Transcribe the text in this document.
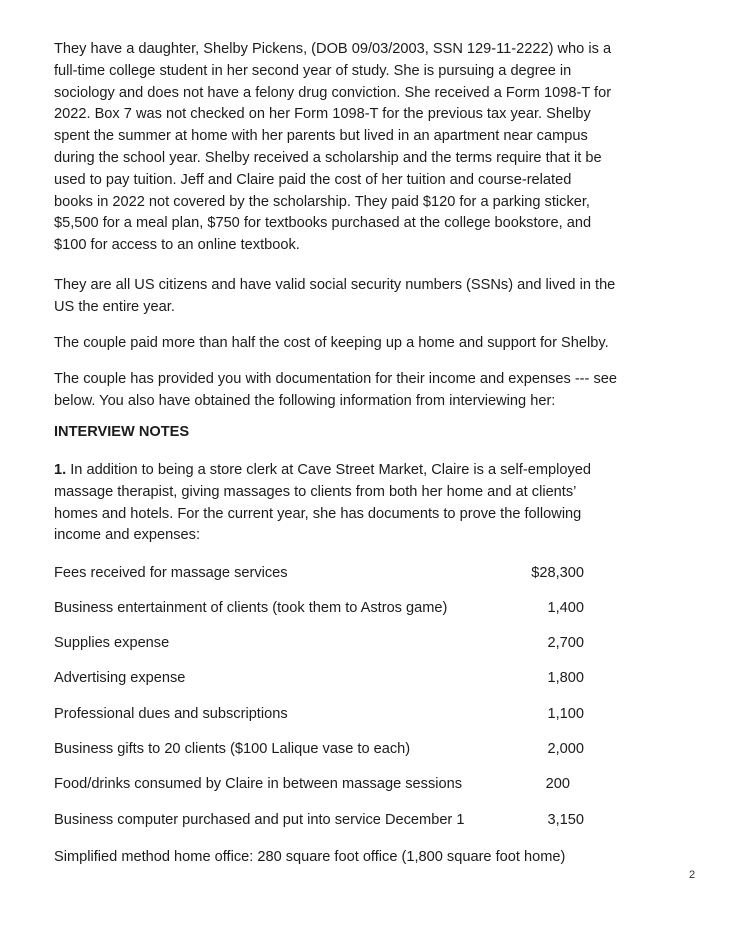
They have a daughter, Shelby Pickens, (DOB 09/03/2003, SSN 129-11-2222) who is a
full-time college student in her second year of study. She is pursuing a degree in
sociology and does not have a felony drug conviction. She received a Form 1098-T for
2022. Box 7 was not checked on her Form 1098-T for the previous tax year. Shelby
spent the summer at home with her parents but lived in an apartment near campus
during the school year. Shelby received a scholarship and the terms require that it be
used to pay tuition. Jeff and Claire paid the cost of her tuition and course-related
books in 2022 not covered by the scholarship. They paid $120 for a parking sticker,
$5,500 for a meal plan, $750 for textbooks purchased at the college bookstore, and
$100 for access to an online textbook.
They are all US citizens and have valid social security numbers (SSNs) and lived in the
US the entire year.
The couple paid more than half the cost of keeping up a home and support for Shelby.
The couple has provided you with documentation for their income and expenses --- see
below. You also have obtained the following information from interviewing her:
INTERVIEW NOTES
1. In addition to being a store clerk at Cave Street Market, Claire is a self-employed
massage therapist, giving massages to clients from both her home and at clients’
homes and hotels. For the current year, she has documents to prove the following
income and expenses:
Fees received for massage services	$28,300
Business entertainment of clients (took them to Astros game)	1,400
Supplies expense	2,700
Advertising expense	1,800
Professional dues and subscriptions	1,100
Business gifts to 20 clients ($100 Lalique vase to each)	2,000
Food/drinks consumed by Claire in between massage sessions	200
Business computer purchased and put into service December 1	3,150
Simplified method home office: 280 square foot office (1,800 square foot home)
2
